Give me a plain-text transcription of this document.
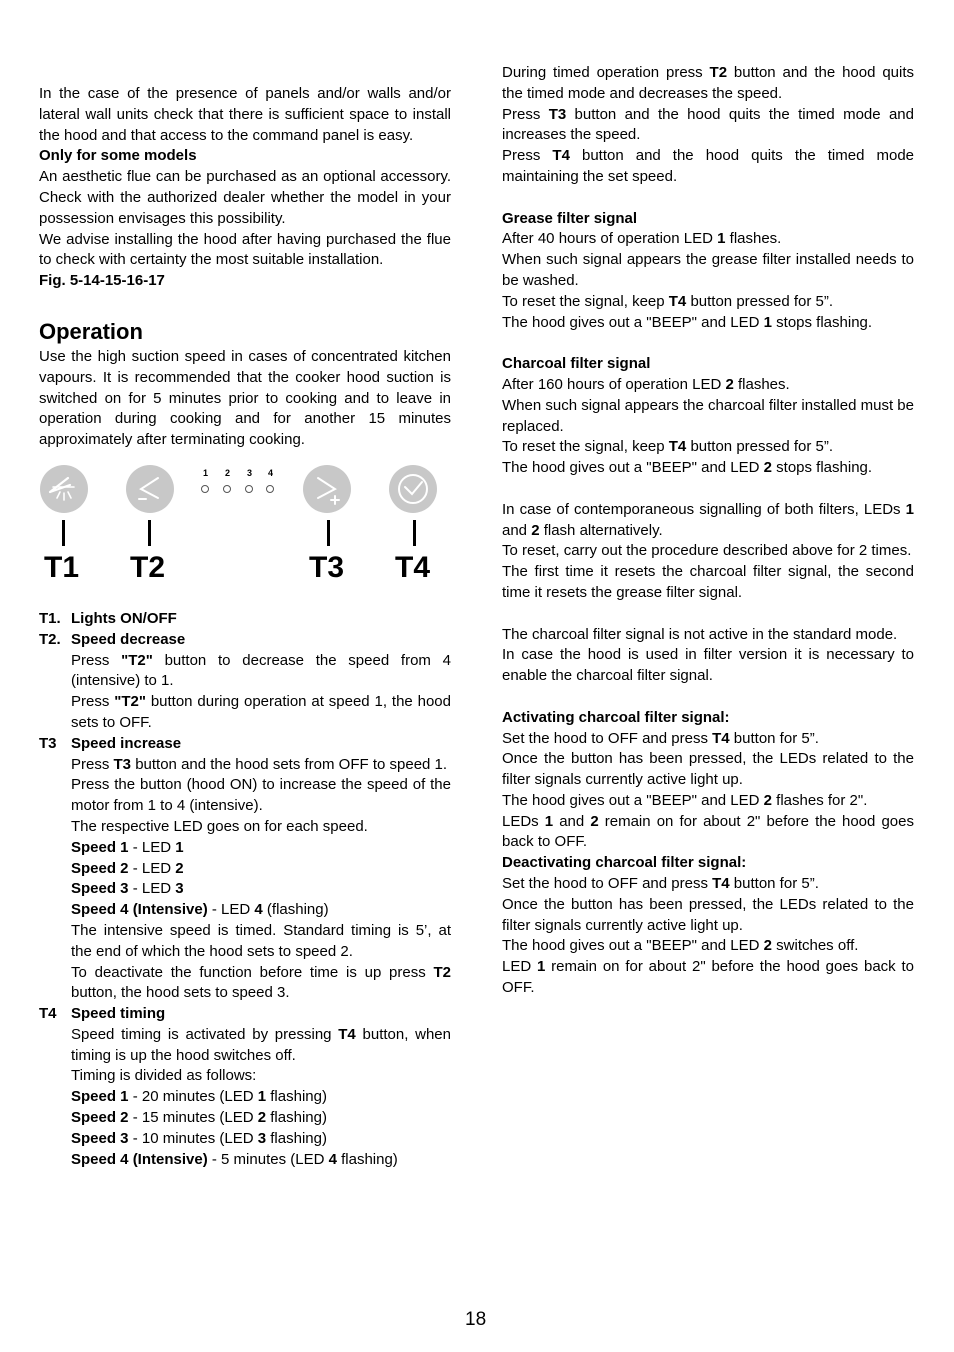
In the case of the presence of panels and/or walls and/or lateral wall units check that there is sufficient space to install the hood and that access to the command panel is easy.

Only for some models

An aesthetic flue can be purchased as an optional accessory. Check with the authorized dealer whether the model in your possession envisages this possibility.

We advise installing the hood after having purchased the flue to check with certainty the most suitable installation.

Fig. 5-14-15-16-17

Operation

Use the high suction speed in cases of concentrated kitchen vapours. It is recommended that the cooker hood suction is switched on for 5 minutes prior to cooking and to leave in operation during cooking and for another 15 minutes approximately after terminating cooking.

1 2 3 4
T1 T2	T3 T4

T1. Lights ON/OFF

T2. Speed decrease

Press "T2" button to decrease the speed from 4 (intensive) to 1.

Press "T2" button during operation at speed 1, the hood sets to OFF.

T3 Speed increase

Press T3 button and the hood sets from OFF to speed 1.

Press the button (hood ON) to increase the speed of the motor from 1 to 4 (intensive).

The respective LED goes on for each speed.

Speed 1 - LED 1

Speed 2 - LED 2

Speed 3 - LED 3

Speed 4 (Intensive) - LED 4 (flashing)

The intensive speed is timed. Standard timing is 5’, at the end of which the hood sets to speed 2.

To deactivate the function before time is up press T2 button, the hood sets to speed 3.

T4 Speed timing

Speed timing is activated by pressing T4 button, when timing is up the hood switches off.

Timing is divided as follows:

Speed 1 - 20 minutes (LED 1 flashing)

Speed 2 - 15 minutes (LED 2 flashing)

Speed 3 - 10 minutes (LED 3 flashing)

Speed 4 (Intensive) - 5 minutes (LED 4 flashing)

During timed operation press T2 button and the hood quits the timed mode and decreases the speed.

Press T3 button and the hood quits the timed mode and increases the speed.

Press T4 button and the hood quits the timed mode maintaining the set speed.

Grease filter signal

After 40 hours of operation LED 1 flashes.

When such signal appears the grease filter installed needs to be washed.

To reset the signal, keep T4 button pressed for 5”.

The hood gives out a "BEEP" and LED 1 stops flashing.

Charcoal filter signal

After 160 hours of operation LED 2 flashes.

When such signal appears the charcoal filter installed must be replaced.

To reset the signal, keep T4 button pressed for 5”.

The hood gives out a "BEEP" and LED 2 stops flashing.

In case of contemporaneous signalling of both filters, LEDs 1 and 2 flash alternatively.

To reset, carry out the procedure described above for 2 times.

The first time it resets the charcoal filter signal, the second time it resets the grease filter signal.

The charcoal filter signal is not active in the standard mode.

In case the hood is used in filter version it is necessary to enable the charcoal filter signal.

Activating charcoal filter signal:

Set the hood to OFF and press T4 button for 5”.

Once the button has been pressed, the LEDs related to the filter signals currently active light up.

The hood gives out a "BEEP" and LED 2 flashes for 2".

LEDs 1 and 2 remain on for about 2" before the hood goes back to OFF.

Deactivating charcoal filter signal:

Set the hood to OFF and press T4 button for 5”.

Once the button has been pressed, the LEDs related to the filter signals currently active light up.

The hood gives out a "BEEP" and LED 2 switches off.

LED 1 remain on for about 2" before the hood goes back to OFF.

18
